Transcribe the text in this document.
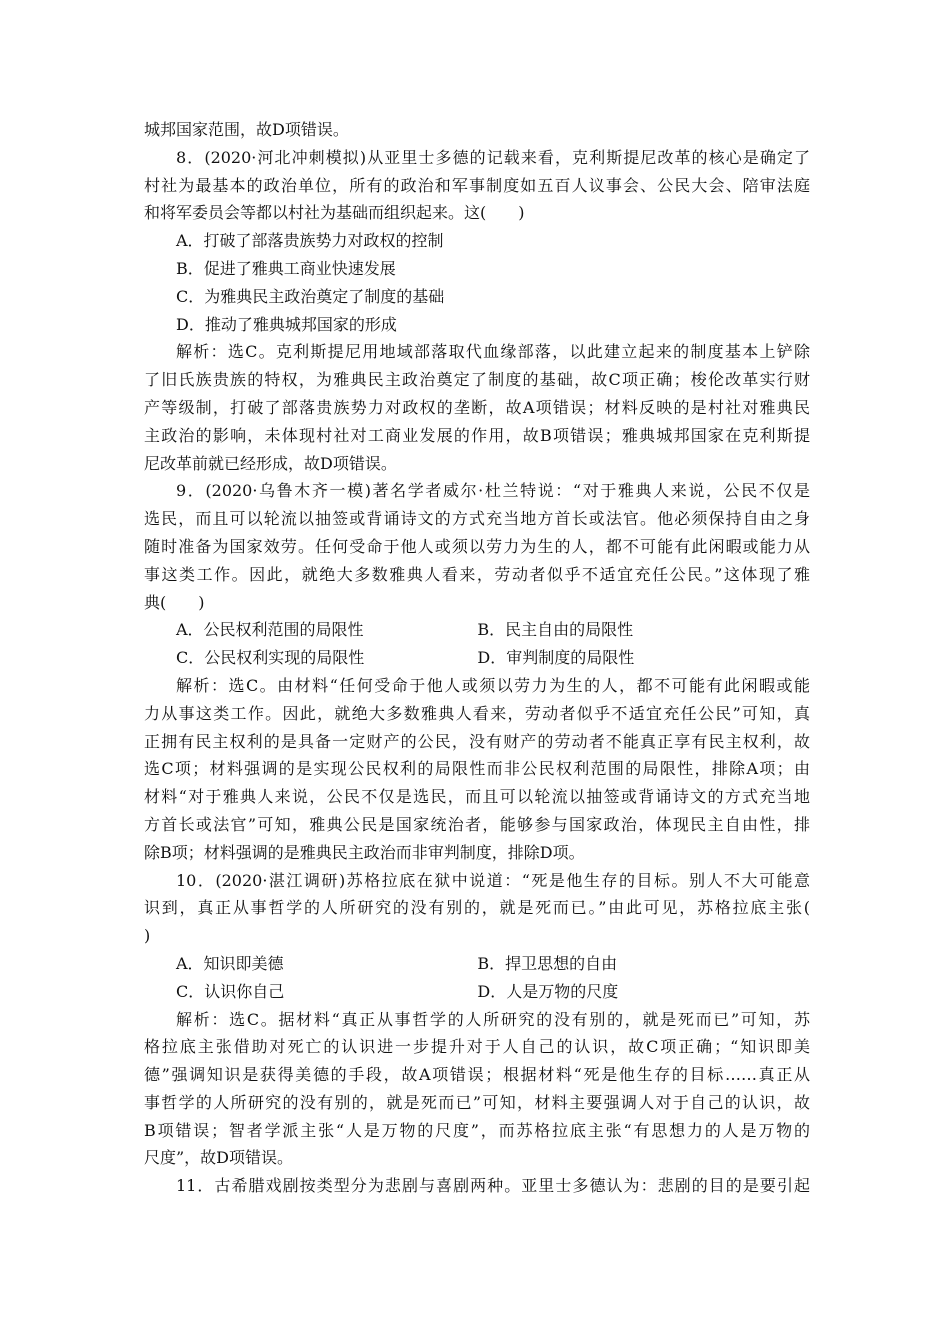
城邦国家范围，故D项错误。
8．(2020·河北冲刺模拟)从亚里士多德的记载来看，克利斯提尼改革的核心是确定了
村社为最基本的政治单位，所有的政治和军事制度如五百人议事会、公民大会、陪审法庭
和将军委员会等都以村社为基础而组织起来。这(　　)
A．打破了部落贵族势力对政权的控制
B．促进了雅典工商业快速发展
C．为雅典民主政治奠定了制度的基础
D．推动了雅典城邦国家的形成
解析：选C。克利斯提尼用地域部落取代血缘部落，以此建立起来的制度基本上铲除
了旧氏族贵族的特权，为雅典民主政治奠定了制度的基础，故C项正确；梭伦改革实行财
产等级制，打破了部落贵族势力对政权的垄断，故A项错误；材料反映的是村社对雅典民
主政治的影响，未体现村社对工商业发展的作用，故B项错误；雅典城邦国家在克利斯提
尼改革前就已经形成，故D项错误。
9．(2020·乌鲁木齐一模)著名学者威尔·杜兰特说：“对于雅典人来说，公民不仅是
选民，而且可以轮流以抽签或背诵诗文的方式充当地方首长或法官。他必须保持自由之身
随时准备为国家效劳。任何受命于他人或须以劳力为生的人，都不可能有此闲暇或能力从
事这类工作。因此，就绝大多数雅典人看来，劳动者似乎不适宜充任公民。”这体现了雅
典(　　)
A．公民权利范围的局限性	B．民主自由的局限性
C．公民权利实现的局限性	D．审判制度的局限性
解析：选C。由材料“任何受命于他人或须以劳力为生的人，都不可能有此闲暇或能
力从事这类工作。因此，就绝大多数雅典人看来，劳动者似乎不适宜充任公民”可知，真
正拥有民主权利的是具备一定财产的公民，没有财产的劳动者不能真正享有民主权利，故
选C项；材料强调的是实现公民权利的局限性而非公民权利范围的局限性，排除A项；由
材料“对于雅典人来说，公民不仅是选民，而且可以轮流以抽签或背诵诗文的方式充当地
方首长或法官”可知，雅典公民是国家统治者，能够参与国家政治，体现民主自由性，排
除B项；材料强调的是雅典民主政治而非审判制度，排除D项。
10．(2020·湛江调研)苏格拉底在狱中说道：“死是他生存的目标。别人不大可能意
识到，真正从事哲学的人所研究的没有别的，就是死而已。”由此可见，苏格拉底主张(
)
A．知识即美德	B．捍卫思想的自由
C．认识你自己	D．人是万物的尺度
解析：选C。据材料“真正从事哲学的人所研究的没有别的，就是死而已”可知，苏
格拉底主张借助对死亡的认识进一步提升对于人自己的认识，故C项正确；“知识即美
德”强调知识是获得美德的手段，故A项错误；根据材料“死是他生存的目标……真正从
事哲学的人所研究的没有别的，就是死而已”可知，材料主要强调人对于自己的认识，故
B项错误；智者学派主张“人是万物的尺度”，而苏格拉底主张“有思想力的人是万物的
尺度”，故D项错误。
11．古希腊戏剧按类型分为悲剧与喜剧两种。亚里士多德认为：悲剧的目的是要引起
